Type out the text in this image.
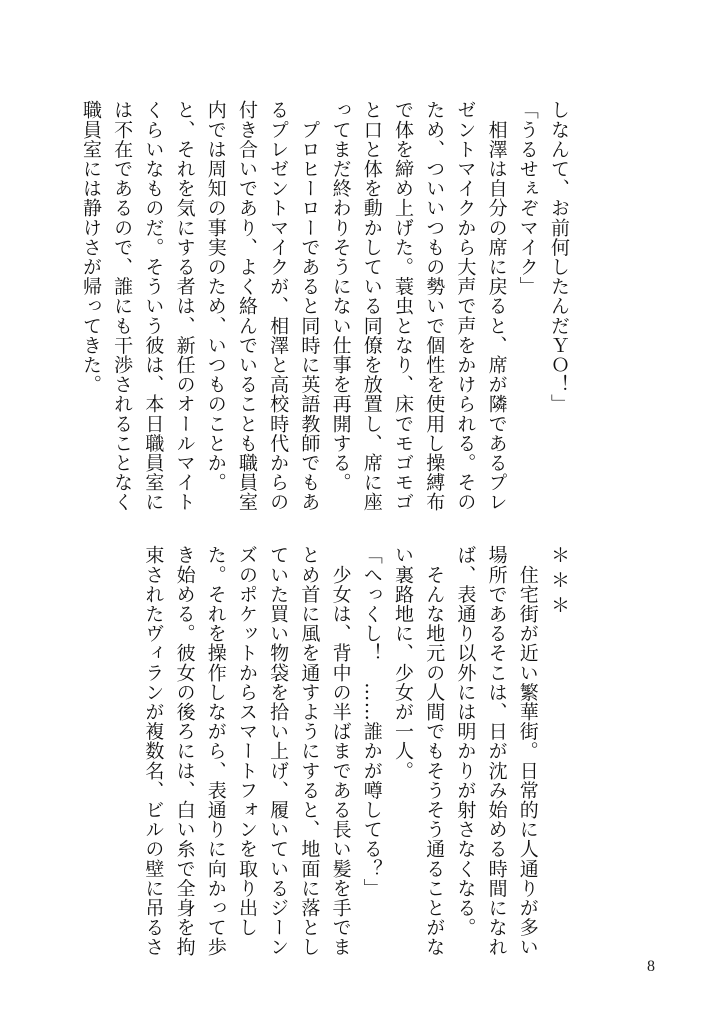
しなんて、お前何したんだＹＯ！」

「うるせぇぞマイク」

　相澤は自分の席に戻ると、席が隣であるプレ

ゼントマイクから大声で声をかけられる。その

ため、ついいつもの勢いで個性を使用し操縛布

で体を締め上げた。蓑虫となり、床でモゴモゴ

と口と体を動かしている同僚を放置し、席に座

ってまだ終わりそうにない仕事を再開する。

　プロヒーローであると同時に英語教師でもあ

るプレゼントマイクが、相澤と高校時代からの

付き合いであり、よく絡んでいることも職員室

内では周知の事実のため、いつものことか。

と、それを気にする者は、新任のオールマイト

くらいなものだ。そういう彼は、本日職員室に

は不在であるので、誰にも干渉されることなく

職員室には静けさが帰ってきた。

＊＊＊

　住宅街が近い繁華街。日常的に人通りが多い

場所であるそこは、日が沈み始める時間になれ

ば、表通り以外には明かりが射さなくなる。

　そんな地元の人間でもそうそう通ることがな

い裏路地に、少女が一人。

「へっくし！　……誰かが噂してる？」

　少女は、背中の半ばまである長い髪を手でま

とめ首に風を通すようにすると、地面に落とし

ていた買い物袋を拾い上げ、履いているジーン

ズのポケットからスマートフォンを取り出し

た。それを操作しながら、表通りに向かって歩

き始める。彼女の後ろには、白い糸で全身を拘

束されたヴィランが複数名、ビルの壁に吊るさ

8
